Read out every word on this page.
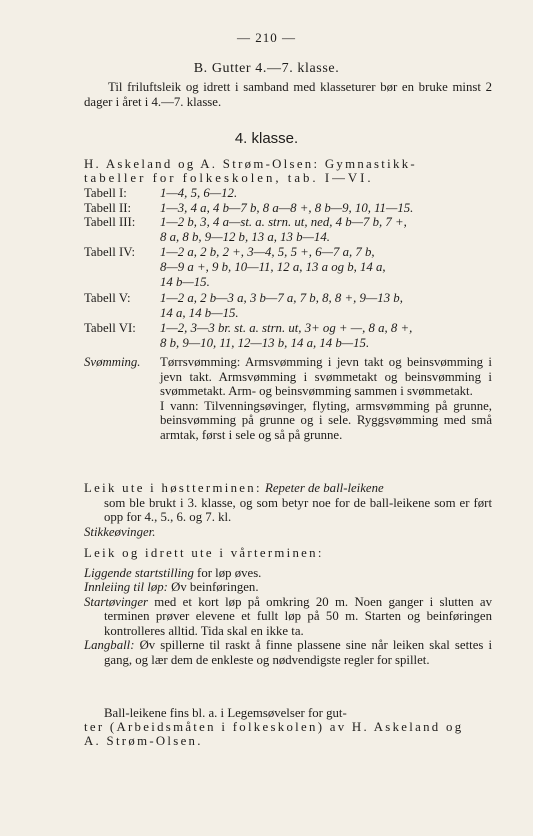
— 210 —
B. Gutter 4.—7. klasse.
Til friluftsleik og idrett i samband med klasseturer bør en bruke minst 2 dager i året i 4.—7. klasse.
4. klasse.
H. Askeland og A. Strøm-Olsen: Gymnastikk-
tabeller for folkeskolen, tab. I—VI.
Tabell I:	1—4, 5, 6—12.
Tabell II: 1—3, 4 a, 4 b—7 b, 8 a—8 +, 8 b—9, 10, 11—15.
Tabell III: 1—2 b, 3, 4 a—st. a. strn. ut, ned, 4 b—7 b, 7 +,
8 a, 8 b, 9—12 b, 13 a, 13 b—14.
Tabell IV: 1—2 a, 2 b, 2 +, 3—4, 5, 5 +, 6—7 a, 7 b,
8—9 a +, 9 b, 10—11, 12 a, 13 a og b, 14 a,
14 b—15.
Tabell V: 1—2 a, 2 b—3 a, 3 b—7 a, 7 b, 8, 8 +, 9—13 b,
14 a, 14 b—15.
Tabell VI: 1—2, 3—3 br. st. a. strn. ut, 3+ og + —, 8 a, 8 +,
8 b, 9—10, 11, 12—13 b, 14 a, 14 b—15.
Svømming. Tørrsvømming: Armsvømming i jevn takt og beinsvømming i jevn takt. Armsvømming i svømmetakt og beinsvømming i svømmetakt. Arm- og beinsvømming sammen i svømmetakt.

I vann: Tilvenningsøvinger, flyting, armsvømming på grunne, beinsvømming på grunne og i sele. Ryggsvømming med små armtak, først i sele og så på grunne.

Leik ute i høstterminen: Repeter de ball-leikene

som ble brukt i 3. klasse, og som betyr noe for de ball-leikene som er ført opp for 4., 5., 6. og 7. kl.

Stikkeøvinger.

Leik og idrett ute i vårterminen:

Liggende startstilling for løp øves.

Innleiing til løp: Øv beinføringen.

Startøvinger med et kort løp på omkring 20 m. Noen ganger i slutten av terminen prøver elevene et fullt løp på 50 m. Starten og beinføringen kontrolleres alltid. Tida skal en ikke ta.

Langball: Øv spillerne til raskt å finne plassene sine når leiken skal settes i gang, og lær dem de enkleste og nødvendigste regler for spillet.

Ball-leikene fins bl. a. i Legemsøvelser for gut-
ter (Arbeidsmåten i folkeskolen) av H. Askeland og
A. Strøm-Olsen.
